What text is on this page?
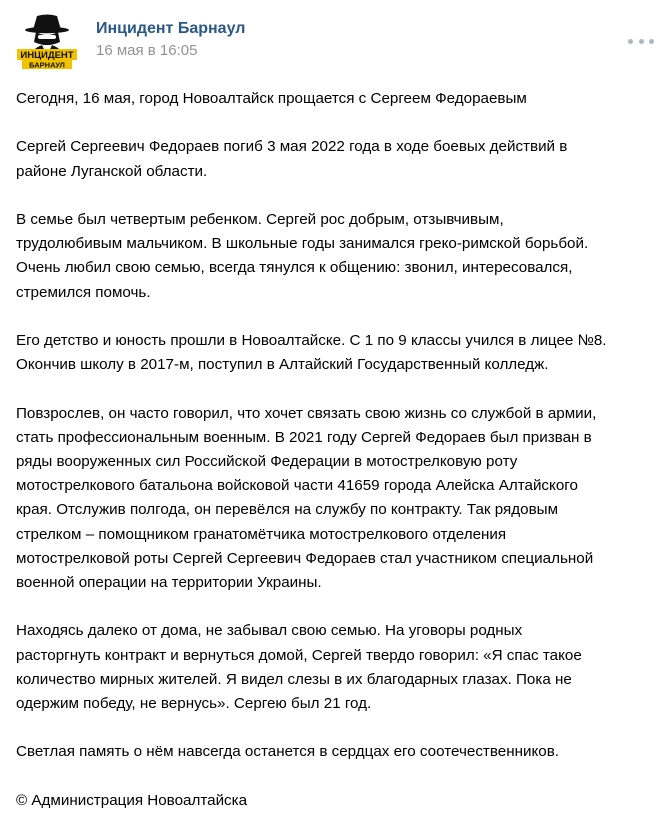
ИНЦИДЕНТ
БАРНАУЛ
Инцидент Барнаул
16 мая в 16:05

Сегодня, 16 мая, город Новоалтайск прощается с Сергеем Федораевым

Сергей Сергеевич Федораев погиб 3 мая 2022 года в ходе боевых действий в
районе Луганской области.

В семье был четвертым ребенком. Сергей рос добрым, отзывчивым,
трудолюбивым мальчиком. В школьные годы занимался греко-римской борьбой.
Очень любил свою семью, всегда тянулся к общению: звонил, интересовался,
стремился помочь.

Его детство и юность прошли в Новоалтайске. С 1 по 9 классы учился в лицее №8.
Окончив школу в 2017-м, поступил в Алтайский Государственный колледж.

Повзрослев, он часто говорил, что хочет связать свою жизнь со службой в армии,
стать профессиональным военным. В 2021 году Сергей Федораев был призван в
ряды вооруженных сил Российской Федерации в мотострелковую роту
мотострелкового батальона войсковой части 41659 города Алейска Алтайского
края. Отслужив полгода, он перевёлся на службу по контракту. Так рядовым
стрелком – помощником гранатомётчика мотострелкового отделения
мотострелковой роты Сергей Сергеевич Федораев стал участником специальной
военной операции на территории Украины.

Находясь далеко от дома, не забывал свою семью. На уговоры родных
расторгнуть контракт и вернуться домой, Сергей твердо говорил: «Я спас такое
количество мирных жителей. Я видел слезы в их благодарных глазах. Пока не
одержим победу, не вернусь». Сергею был 21 год.

Светлая память о нём навсегда останется в сердцах его соотечественников.

© Администрация Новоалтайска
